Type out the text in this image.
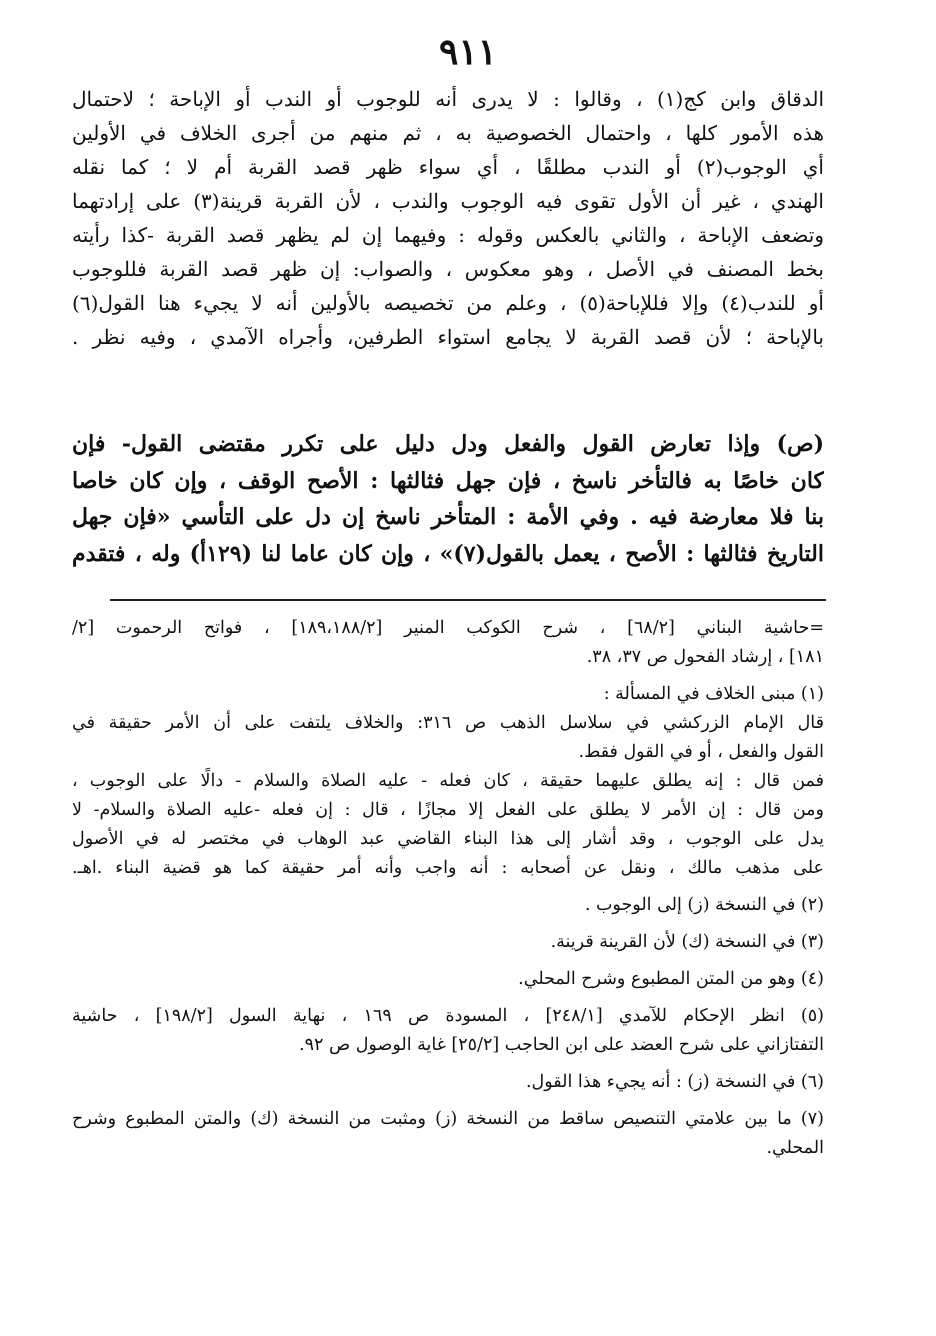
٩١١
الدقاق وابن كج(١) ، وقالوا : لا يدرى أنه للوجوب أو الندب أو الإباحة ؛ لاحتمال
هذه الأمور كلها ، واحتمال الخصوصية به ، ثم منهم من أجرى الخلاف في الأولين
أي الوجوب(٢) أو الندب مطلقًا ، أي سواء ظهر قصد القربة أم لا ؛ كما نقله
الهندي ، غير أن الأول تقوى فيه الوجوب والندب ، لأن القربة قرينة(٣) على إرادتهما
وتضعف الإباحة ، والثاني بالعكس وقوله : وفيهما إن لم يظهر قصد القربة -كذا رأيته
بخط المصنف في الأصل ، وهو معكوس ، والصواب: إن ظهر قصد القربة فللوجوب
أو للندب(٤) وإلا فللإباحة(٥) ، وعلم من تخصيصه بالأولين أنه لا يجيء هنا القول(٦)
بالإباحة ؛ لأن قصد القربة لا يجامع استواء الطرفين، وأجراه الآمدي ، وفيه نظر .
(ص) وإذا تعارض القول والفعل ودل دليل على تكرر مقتضى القول- فإن
كان خاصًا به فالتأخر ناسخ ، فإن جهل فثالثها : الأصح الوقف ، وإن كان خاصا
بنا فلا معارضة فيه . وفي الأمة : المتأخر ناسخ إن دل على التأسي «فإن جهل
التاريخ فثالثها : الأصح ، يعمل بالقول(٧)» ، وإن كان عاما لنا (١٢٩أ) وله ، فتقدم
=حاشية البناني [٦٨/٢] ، شرح الكوكب المنير [١٨٩،١٨٨/٢] ، فواتح الرحموت [٢/
١٨١] ، إرشاد الفحول ص ٣٧، ٣٨.
(١) مبنى الخلاف في المسألة :
قال الإمام الزركشي في سلاسل الذهب ص ٣١٦: والخلاف يلتفت على أن الأمر حقيقة في
القول والفعل ، أو في القول فقط.
فمن قال : إنه يطلق عليهما حقيقة ، كان فعله - عليه الصلاة والسلام - دالًا على الوجوب ،
ومن قال : إن الأمر لا يطلق على الفعل إلا مجازًا ، قال : إن فعله -عليه الصلاة والسلام- لا
يدل على الوجوب ، وقد أشار إلى هذا البناء القاضي عبد الوهاب في مختصر له في الأصول
على مذهب مالك ، ونقل عن أصحابه : أنه واجب وأنه أمر حقيقة كما هو قضية البناء .اهـ.
(٢) في النسخة (ز) إلى الوجوب .
(٣) في النسخة (ك) لأن القرينة قرينة.
(٤) وهو من المتن المطبوع وشرح المحلي.
(٥) انظر الإحكام للآمدي [٢٤٨/١] ، المسودة ص ١٦٩ ، نهاية السول [١٩٨/٢] ، حاشية
التفتازاني على شرح العضد على ابن الحاجب [٢٥/٢] غاية الوصول ص ٩٢.
(٦) في النسخة (ز) : أنه يجيء هذا القول.
(٧) ما بين علامتي التنصيص ساقط من النسخة (ز) ومثبت من النسخة (ك) والمتن المطبوع وشرح
المحلي.
